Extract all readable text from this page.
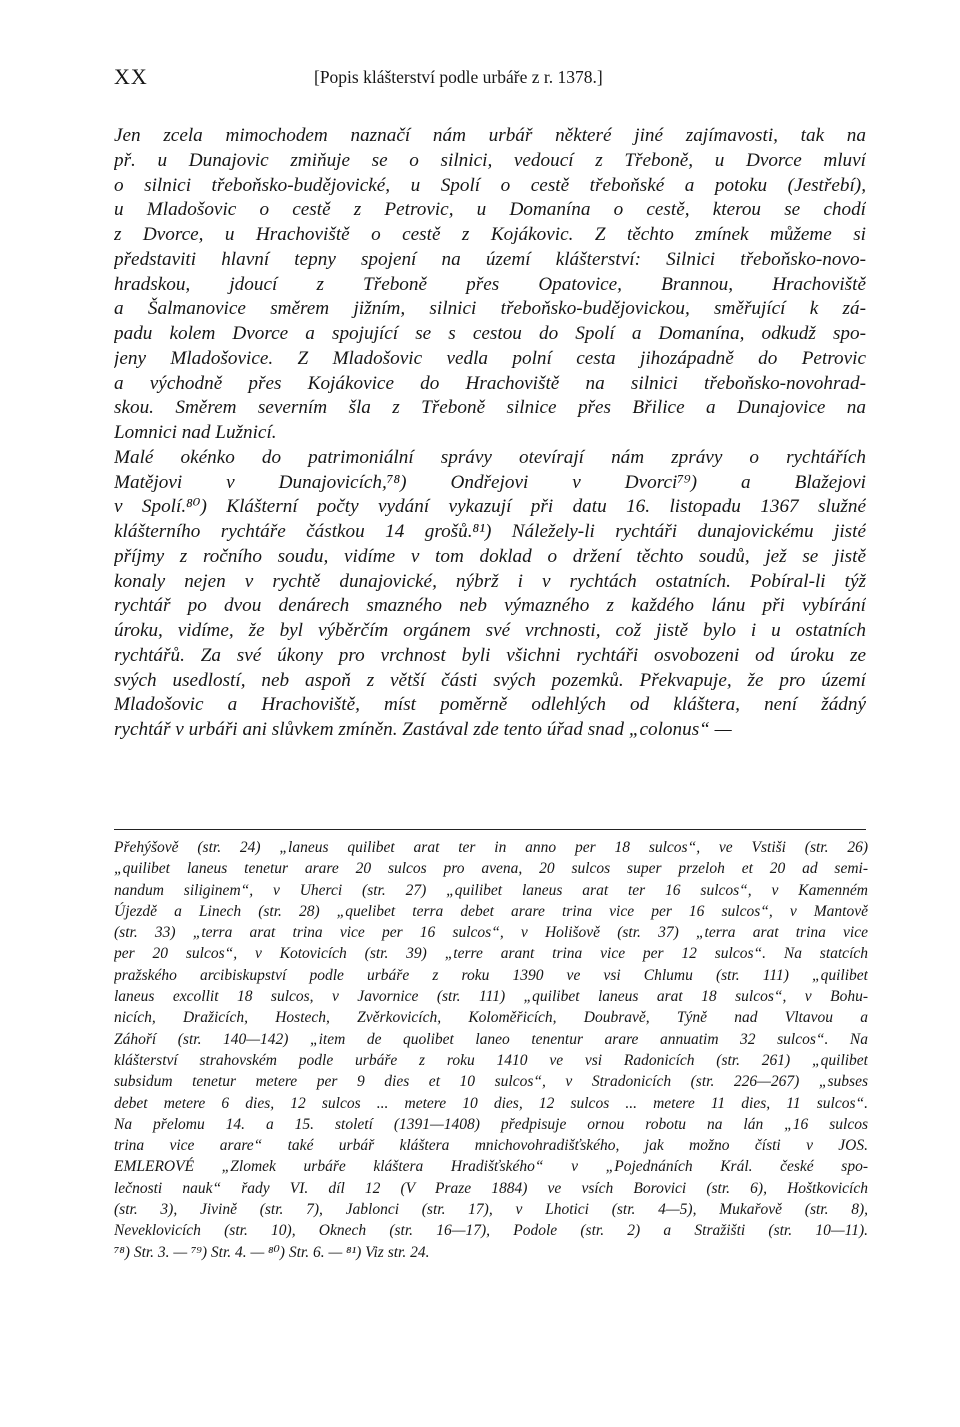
XX	[Popis klášterství podle urbáře z r. 1378.]
Jen zcela mimochodem naznačí nám urbář některé jiné zajímavosti, tak na
př. u Dunajovic zmiňuje se o silnici, vedoucí z Třeboně, u Dvorce mluví
o silnici třeboňsko-budějovické, u Spolí o cestě třeboňské a potoku (Jestřebí),
u Mladošovic o cestě z Petrovic, u Domanína o cestě, kterou se chodí
z Dvorce, u Hrachoviště o cestě z Kojákovic. Z těchto zmínek můžeme si
představiti hlavní tepny spojení na území klášterství: Silnici třeboňsko-novo-
hradskou, jdoucí z Třeboně přes Opatovice, Brannou, Hrachoviště
a Šalmanovice směrem jižním, silnici třeboňsko-budějovickou, směřující k zá-
padu kolem Dvorce a spojující se s cestou do Spolí a Domanína, odkudž spo-
jeny Mladošovice. Z Mladošovic vedla polní cesta jihozápadně do Petrovic
a východně přes Kojákovice do Hrachoviště na silnici třeboňsko-novohrad-
skou. Směrem severním šla z Třeboně silnice přes Břilice a Dunajovice na
Lomnici nad Lužnicí.
Malé okénko do patrimoniální správy otevírají nám zprávy o rychtářích
Matějovi v Dunajovicích,⁷⁸) Ondřejovi v Dvorci⁷⁹) a Blažejovi
v Spolí.⁸⁰) Klášterní počty vydání vykazují při datu 16. listopadu 1367 služné
klášterního rychtáře částkou 14 grošů.⁸¹) Náležely-li rychtáři dunajovickému jisté
příjmy z ročního soudu, vidíme v tom doklad o držení těchto soudů, jež se jistě
konaly nejen v rychtě dunajovické, nýbrž i v rychtách ostatních. Pobíral-li týž
rychtář po dvou denárech smazného neb výmazného z každého lánu při vybírání
úroku, vidíme, že byl výběrčím orgánem své vrchnosti, což jistě bylo i u ostatních
rychtářů. Za své úkony pro vrchnost byli všichni rychtáři osvobozeni od úroku ze
svých usedlostí, neb aspoň z větší části svých pozemků. Překvapuje, že pro území
Mladošovic a Hrachoviště, míst poměrně odlehlých od kláštera, není žádný
rychtář v urbáři ani slůvkem zmíněn. Zastával zde tento úřad snad „colonus“ —
Přehýšově (str. 24) „laneus quilibet arat ter in anno per 18 sulcos“, ve Vstiši (str. 26)
„quilibet laneus tenetur arare 20 sulcos pro avena, 20 sulcos super przeloh et 20 ad semi-
nandum siliginem“, v Uherci (str. 27) „quilibet laneus arat ter 16 sulcos“, v Kamenném
Újezdě a Linech (str. 28) „quelibet terra debet arare trina vice per 16 sulcos“, v Mantově
(str. 33) „terra arat trina vice per 16 sulcos“, v Holišově (str. 37) „terra arat trina vice
per 20 sulcos“, v Kotovicích (str. 39) „terre arant trina vice per 12 sulcos“. Na statcích
pražského arcibiskupství podle urbáře z roku 1390 ve vsi Chlumu (str. 111) „quilibet
laneus excollit 18 sulcos, v Javornice (str. 111) „quilibet laneus arat 18 sulcos“, v Bohu-
nicích, Dražicích, Hostech, Zvěrkovicích, Koloměřicích, Doubravě, Týně nad Vltavou a
Záhoří (str. 140—142) „item de quolibet laneo tenentur arare annuatim 32 sulcos“. Na
klášterství strahovském podle urbáře z roku 1410 ve vsi Radonicích (str. 261) „quilibet
subsidum tenetur metere per 9 dies et 10 sulcos“, v Stradonicích (str. 226—267) „subses
debet metere 6 dies, 12 sulcos ... metere 10 dies, 12 sulcos ... metere 11 dies, 11 sulcos“.
Na přelomu 14. a 15. století (1391—1408) předpisuje ornou robotu na lán „16 sulcos
trina vice arare“ také urbář kláštera mnichovohradišťského, jak možno čísti v JOS.
EMLEROVÉ „Zlomek urbáře kláštera Hradišťského“ v „Pojednáních Král. české spo-
lečnosti nauk“ řady VI. díl 12 (V Praze 1884) ve vsích Borovici (str. 6), Hoštkovicích
(str. 3), Jivině (str. 7), Jablonci (str. 17), v Lhotici (str. 4—5), Mukařově (str. 8),
Neveklovicích (str. 10), Oknech (str. 16—17), Podole (str. 2) a Stražišti (str. 10—11).
⁷⁸) Str. 3. — ⁷⁹) Str. 4. — ⁸⁰) Str. 6. — ⁸¹) Viz str. 24.
